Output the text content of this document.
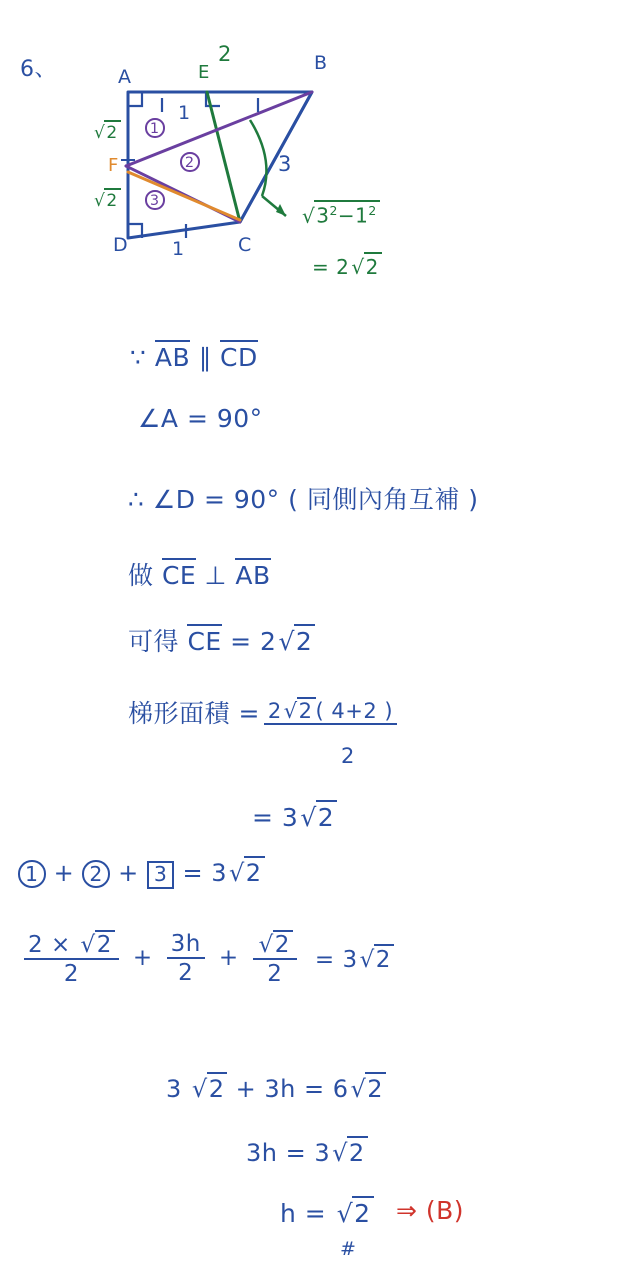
6、	A
B
C
D
E
F
2
3
1
1
√2
√2
1
2
3
$√3^2-1^2$
= 2 √2
∵ AB ∥ CD
∠A = 90°
∴ ∠D = 90° ( 同側內角互補 )
做 CE ⊥ AB
可得 CE = 2√2
梯形面積 = 2√2 ( 4+2 )
2
= 3√2
1 + 2 + 3 = 3√2
$\frac{2 \times √2}{2} + \frac{3h}{2} + \frac{√2}{2} = 3√2$
3 √2 + 3h = 6√2
3h = 3√2
h = √2 ⇒ (B)
#
